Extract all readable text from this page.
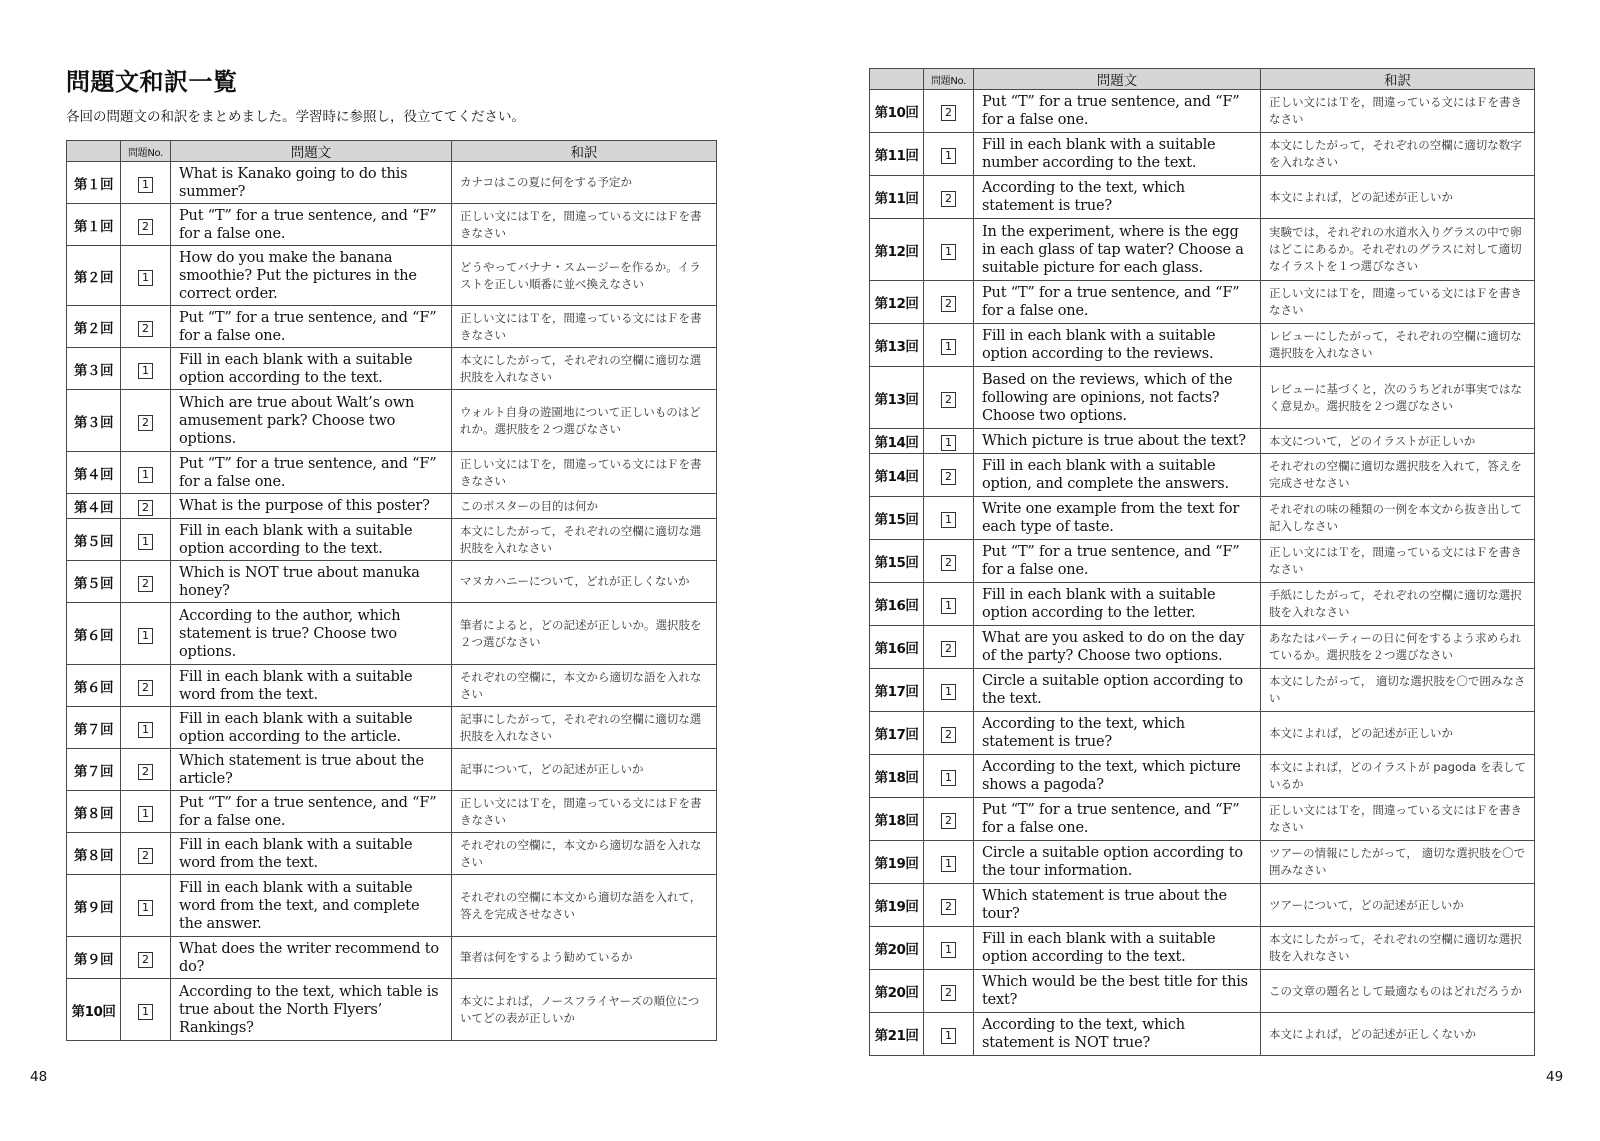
問題文和訳一覧
各回の問題文の和訳をまとめました。学習時に参照し，役立ててください。
	問題No.	問題文	和訳
第１回	1	What is Kanako going to do this summer?	カナコはこの夏に何をする予定か
第１回	2	Put “T” for a true sentence, and “F” for a false one.	正しい文にはＴを，間違っている文にはＦを書きなさい
第２回	1	How do you make the banana smoothie? Put the pictures in the correct order.	どうやってバナナ・スムージーを作るか。イラストを正しい順番に並べ換えなさい
第２回	2	Put “T” for a true sentence, and “F” for a false one.	正しい文にはＴを，間違っている文にはＦを書きなさい
第３回	1	Fill in each blank with a suitable option according to the text.	本文にしたがって，それぞれの空欄に適切な選択肢を入れなさい
第３回	2	Which are true about Walt’s own amusement park? Choose two options.	ウォルト自身の遊園地について正しいものはどれか。選択肢を２つ選びなさい
第４回	1	Put “T” for a true sentence, and “F” for a false one.	正しい文にはＴを，間違っている文にはＦを書きなさい
第４回	2	What is the purpose of this poster?	このポスターの目的は何か
第５回	1	Fill in each blank with a suitable option according to the text.	本文にしたがって，それぞれの空欄に適切な選択肢を入れなさい
第５回	2	Which is NOT true about manuka honey?	マヌカハニーについて，どれが正しくないか
第６回	1	According to the author, which statement is true? Choose two options.	筆者によると，どの記述が正しいか。選択肢を２つ選びなさい
第６回	2	Fill in each blank with a suitable word from the text.	それぞれの空欄に，本文から適切な語を入れなさい
第７回	1	Fill in each blank with a suitable option according to the article.	記事にしたがって，それぞれの空欄に適切な選択肢を入れなさい
第７回	2	Which statement is true about the article?	記事について，どの記述が正しいか
第８回	1	Put “T” for a true sentence, and “F” for a false one.	正しい文にはＴを，間違っている文にはＦを書きなさい
第８回	2	Fill in each blank with a suitable word from the text.	それぞれの空欄に，本文から適切な語を入れなさい
第９回	1	Fill in each blank with a suitable word from the text, and complete the answer.	それぞれの空欄に本文から適切な語を入れて，答えを完成させなさい
第９回	2	What does the writer recommend to do?	筆者は何をするよう勧めているか
第10回	1	According to the text, which table is true about the North Flyers’ Rankings?	本文によれば，ノースフライヤーズの順位についてどの表が正しいか
	問題No.	問題文	和訳
第10回	2	Put “T” for a true sentence, and “F” for a false one.	正しい文にはＴを，間違っている文にはＦを書きなさい
第11回	1	Fill in each blank with a suitable number according to the text.	本文にしたがって，それぞれの空欄に適切な数字を入れなさい
第11回	2	According to the text, which statement is true?	本文によれば，どの記述が正しいか
第12回	1	In the experiment, where is the egg in each glass of tap water? Choose a suitable picture for each glass.	実験では，それぞれの水道水入りグラスの中で卵はどこにあるか。それぞれのグラスに対して適切なイラストを１つ選びなさい
第12回	2	Put “T” for a true sentence, and “F” for a false one.	正しい文にはＴを，間違っている文にはＦを書きなさい
第13回	1	Fill in each blank with a suitable option according to the reviews.	レビューにしたがって，それぞれの空欄に適切な選択肢を入れなさい
第13回	2	Based on the reviews, which of the following are opinions, not facts? Choose two options.	レビューに基づくと，次のうちどれが事実ではなく意見か。選択肢を２つ選びなさい
第14回	1	Which picture is true about the text?	本文について，どのイラストが正しいか
第14回	2	Fill in each blank with a suitable option, and complete the answers.	それぞれの空欄に適切な選択肢を入れて，答えを完成させなさい
第15回	1	Write one example from the text for each type of taste.	それぞれの味の種類の一例を本文から抜き出して記入しなさい
第15回	2	Put “T” for a true sentence, and “F” for a false one.	正しい文にはＴを，間違っている文にはＦを書きなさい
第16回	1	Fill in each blank with a suitable option according to the letter.	手紙にしたがって，それぞれの空欄に適切な選択肢を入れなさい
第16回	2	What are you asked to do on the day of the party? Choose two options.	あなたはパーティーの日に何をするよう求められているか。選択肢を２つ選びなさい
第17回	1	Circle a suitable option according to the text.	本文にしたがって， 適切な選択肢を〇で囲みなさい
第17回	2	According to the text, which statement is true?	本文によれば，どの記述が正しいか
第18回	1	According to the text, which picture shows a pagoda?	本文によれば，どのイラストが pagoda を表しているか
第18回	2	Put “T” for a true sentence, and “F” for a false one.	正しい文にはＴを，間違っている文にはＦを書きなさい
第19回	1	Circle a suitable option according to the tour information.	ツアーの情報にしたがって， 適切な選択肢を〇で囲みなさい
第19回	2	Which statement is true about the tour?	ツアーについて，どの記述が正しいか
第20回	1	Fill in each blank with a suitable option according to the text.	本文にしたがって，それぞれの空欄に適切な選択肢を入れなさい
第20回	2	Which would be the best title for this text?	この文章の題名として最適なものはどれだろうか
第21回	1	According to the text, which statement is NOT true?	本文によれば，どの記述が正しくないか
48	49
